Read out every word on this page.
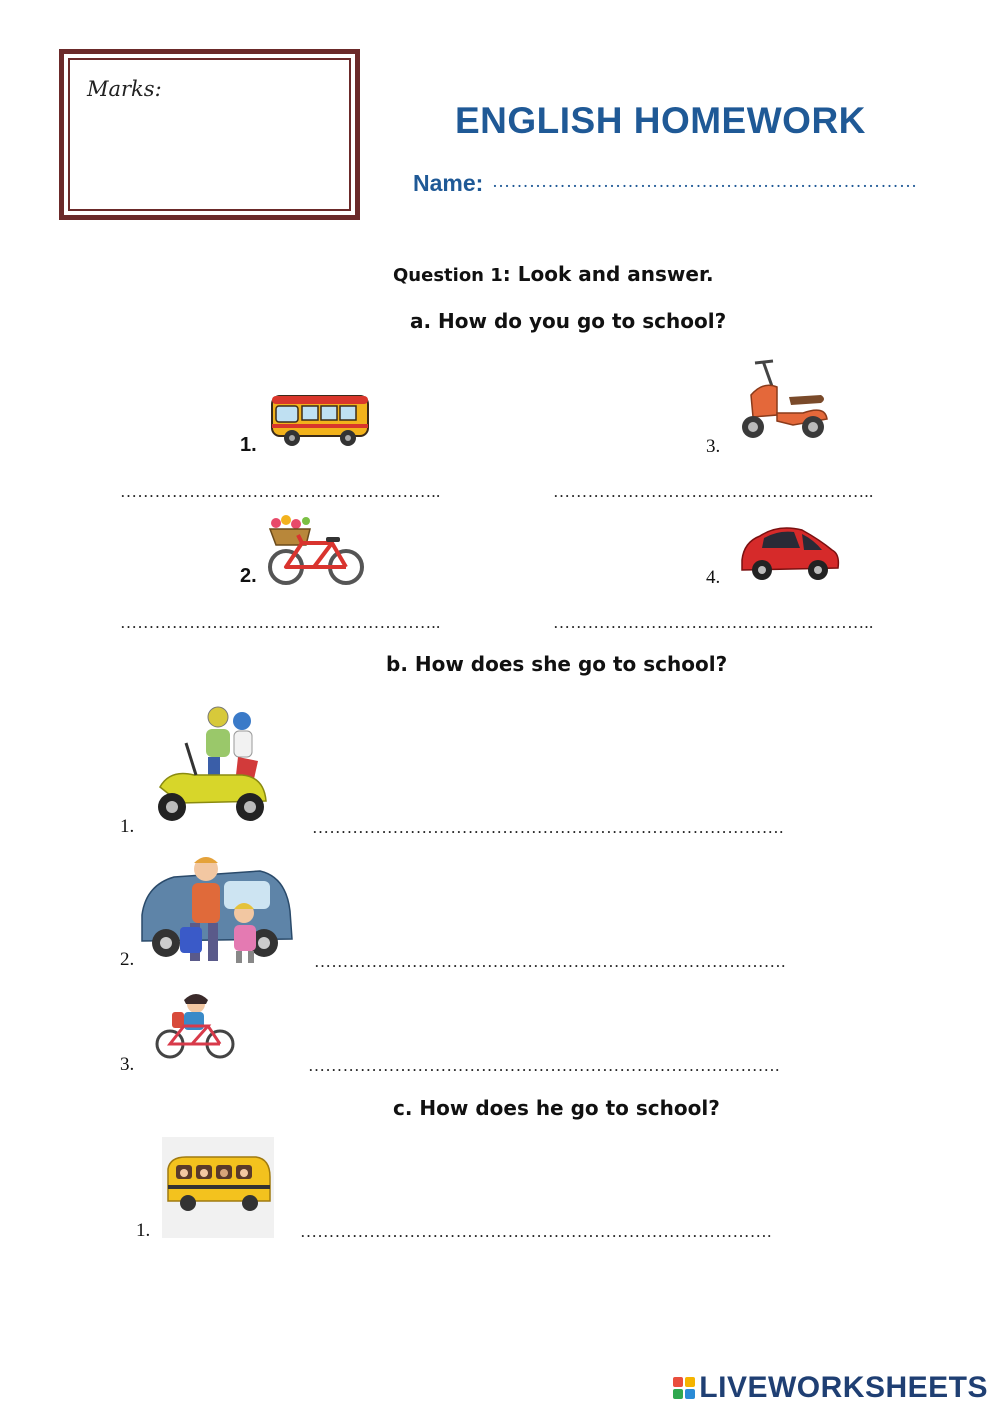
Marks:
ENGLISH HOMEWORK
Name: ……………………………………………………………
Question 1: Look and answer.
a. How do you go to school?
1.
………………………………………………..
3.
………………………………………………..
2.
………………………………………………..
4.
………………………………………………..
b. How does she go to school?
1.	……………………………………………………………………….
2.	……………………………………………………………………….
3.	……………………………………………………………………….
c. How does he go to school?
1.	……………………………………………………………………….
LIVEWORKSHEETS
